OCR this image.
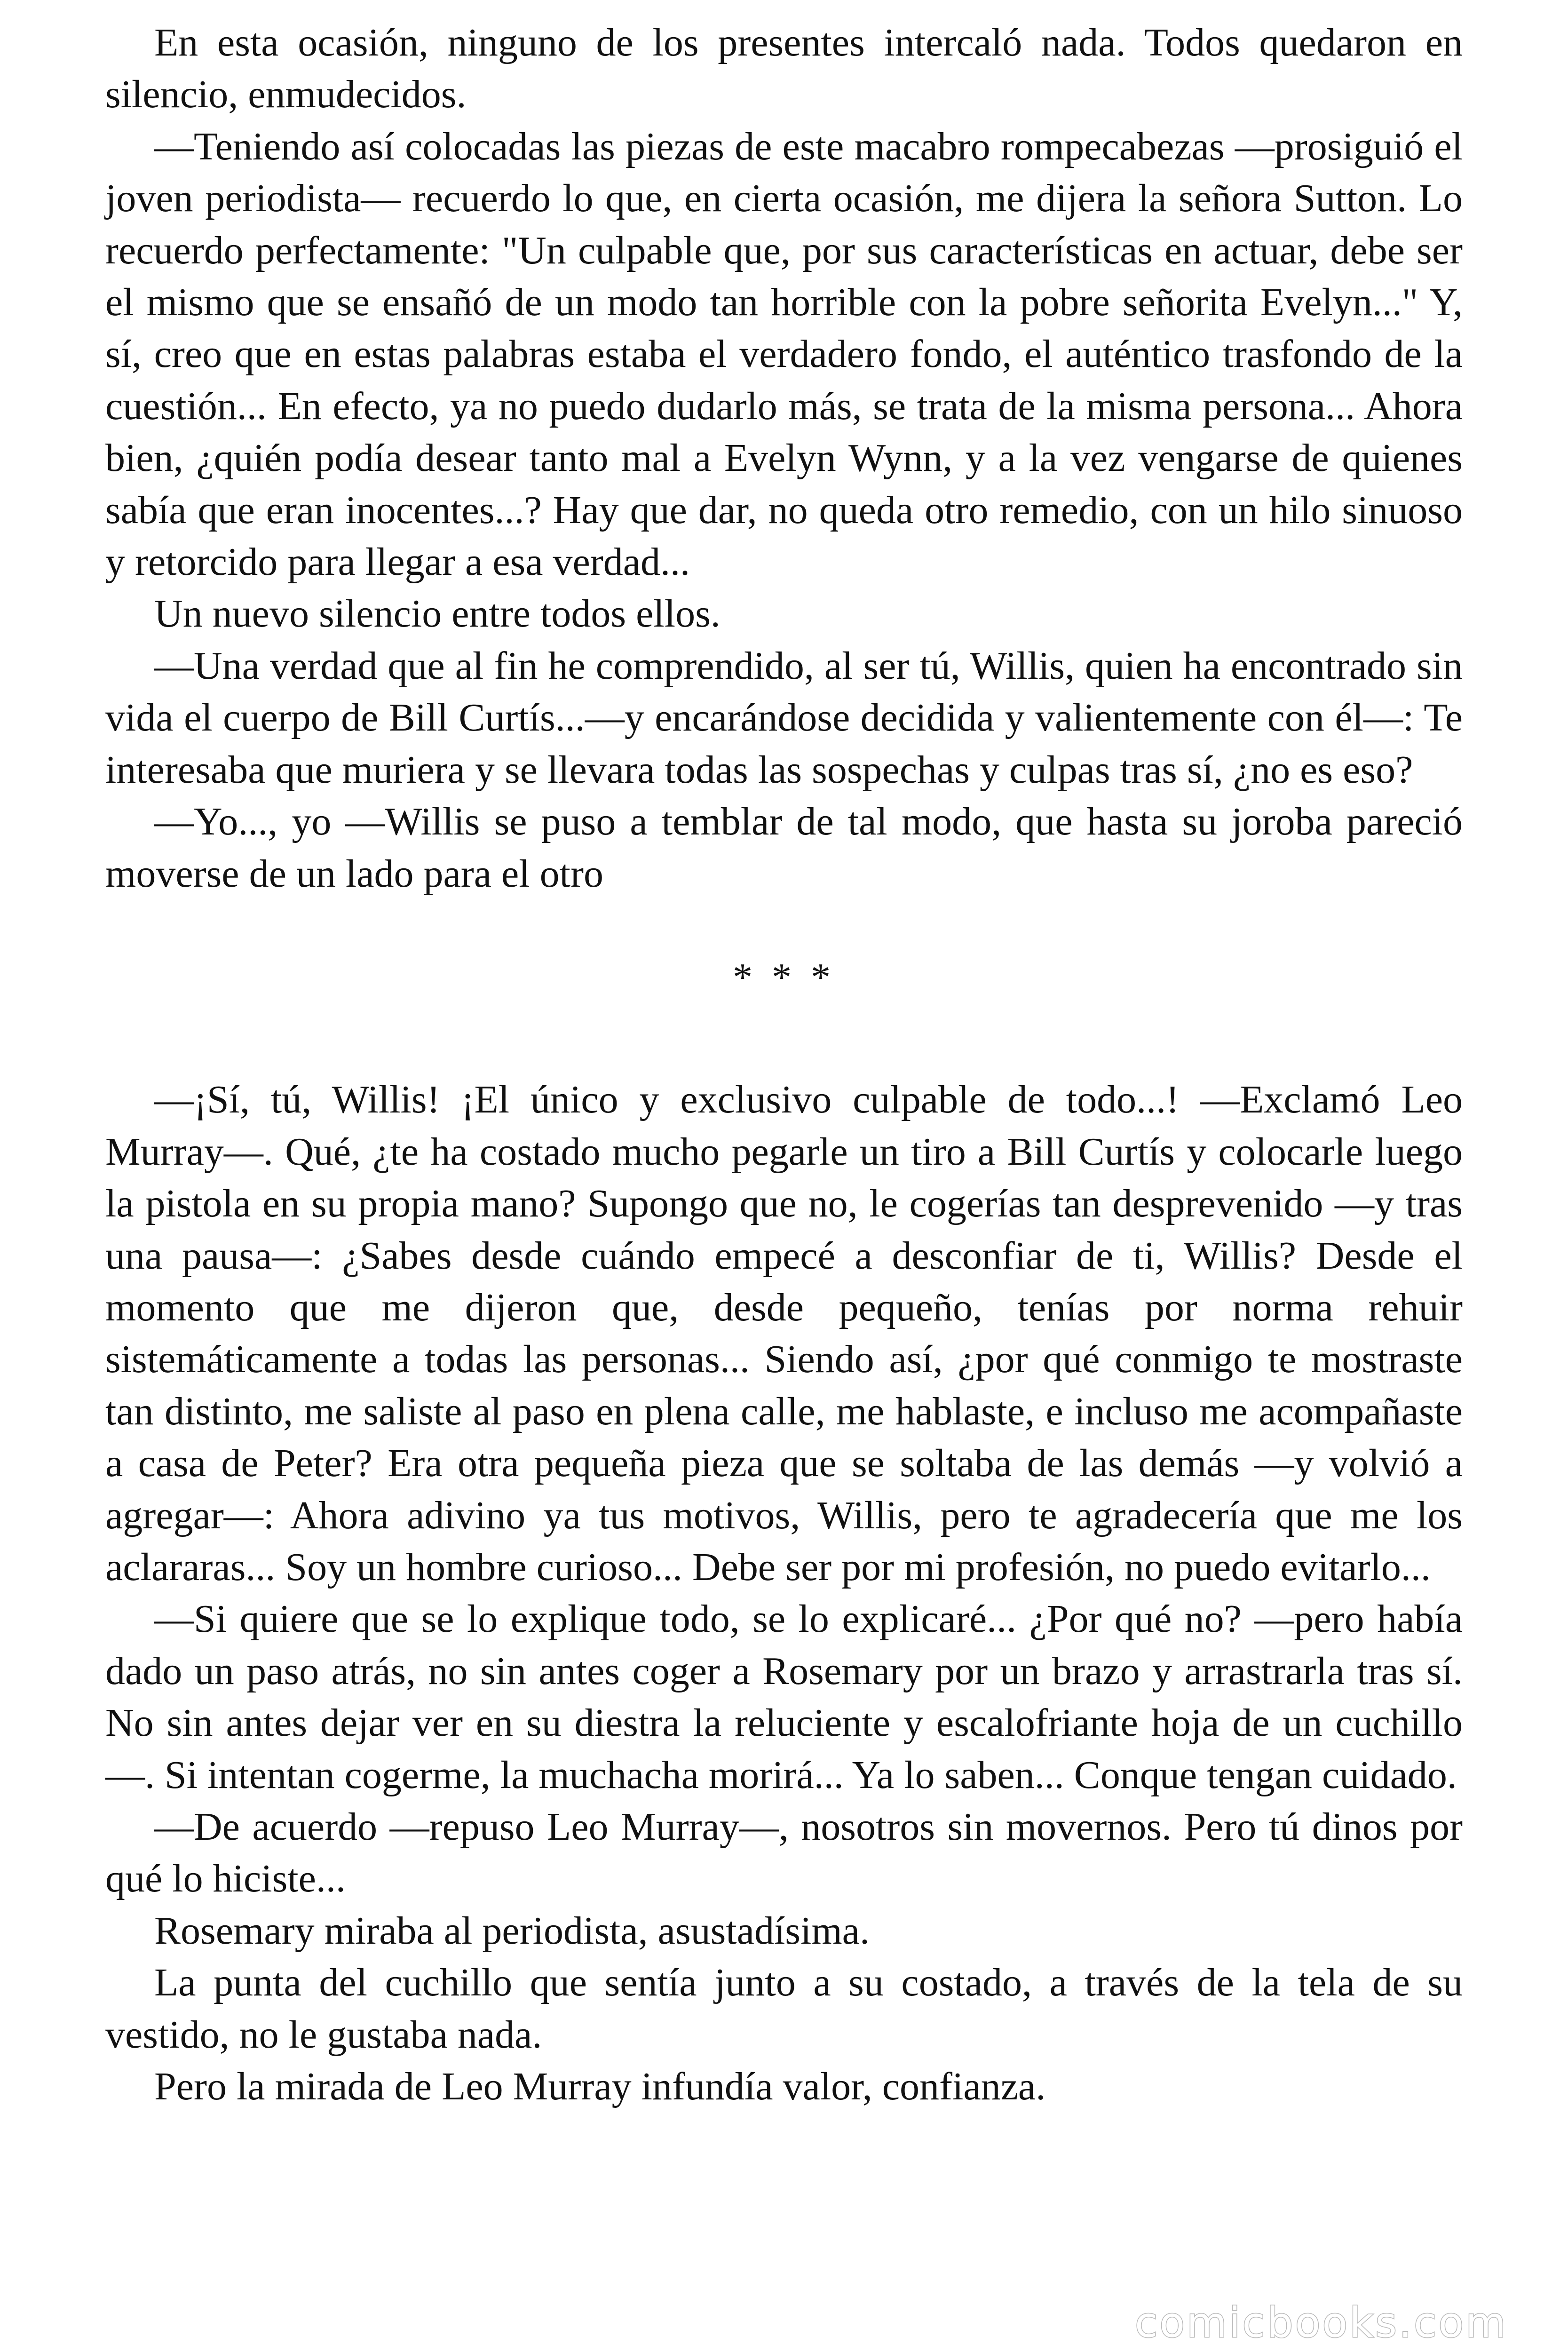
En esta ocasión, ninguno de los presentes intercaló nada. Todos quedaron en silencio, enmudecidos.

—Teniendo así colocadas las piezas de este macabro rompecabezas —prosiguió el joven periodista— recuerdo lo que, en cierta ocasión, me dijera la señora Sutton. Lo recuerdo perfectamente: "Un culpable que, por sus características en actuar, debe ser el mismo que se ensañó de un modo tan horrible con la pobre señorita Evelyn..." Y, sí, creo que en estas palabras estaba el verdadero fondo, el auténtico trasfondo de la cuestión... En efecto, ya no puedo dudarlo más, se trata de la misma persona... Ahora bien, ¿quién podía desear tanto mal a Evelyn Wynn, y a la vez vengarse de quienes sabía que eran inocentes...? Hay que dar, no queda otro remedio, con un hilo sinuoso y retorcido para llegar a esa verdad...

Un nuevo silencio entre todos ellos.

—Una verdad que al fin he comprendido, al ser tú, Willis, quien ha encontrado sin vida el cuerpo de Bill Curtís...—y encarándose decidida y valientemente con él—: Te interesaba que muriera y se llevara todas las sospechas y culpas tras sí, ¿no es eso?

—Yo..., yo —Willis se puso a temblar de tal modo, que hasta su joroba pareció moverse de un lado para el otro

* * *

—¡Sí, tú, Willis! ¡El único y exclusivo culpable de todo...! —Exclamó Leo Murray—. Qué, ¿te ha costado mucho pegarle un tiro a Bill Curtís y colocarle luego la pistola en su propia mano? Supongo que no, le cogerías tan desprevenido —y tras una pausa—: ¿Sabes desde cuándo empecé a desconfiar de ti, Willis? Desde el momento que me dijeron que, desde pequeño, tenías por norma rehuir sistemáticamente a todas las personas... Siendo así, ¿por qué conmigo te mostraste tan distinto, me saliste al paso en plena calle, me hablaste, e incluso me acompañaste a casa de Peter? Era otra pequeña pieza que se soltaba de las demás —y volvió a agregar—: Ahora adivino ya tus motivos, Willis, pero te agradecería que me los aclararas... Soy un hombre curioso... Debe ser por mi profesión, no puedo evitarlo...

—Si quiere que se lo explique todo, se lo explicaré... ¿Por qué no? —pero había dado un paso atrás, no sin antes coger a Rosemary por un brazo y arrastrarla tras sí. No sin antes dejar ver en su diestra la reluciente y escalofriante hoja de un cuchillo—. Si intentan cogerme, la muchacha morirá... Ya lo saben... Conque tengan cuidado.

—De acuerdo —repuso Leo Murray—, nosotros sin movernos. Pero tú dinos por qué lo hiciste...

Rosemary miraba al periodista, asustadísima.

La punta del cuchillo que sentía junto a su costado, a través de la tela de su vestido, no le gustaba nada.

Pero la mirada de Leo Murray infundía valor, confianza.

comicbooks.com
